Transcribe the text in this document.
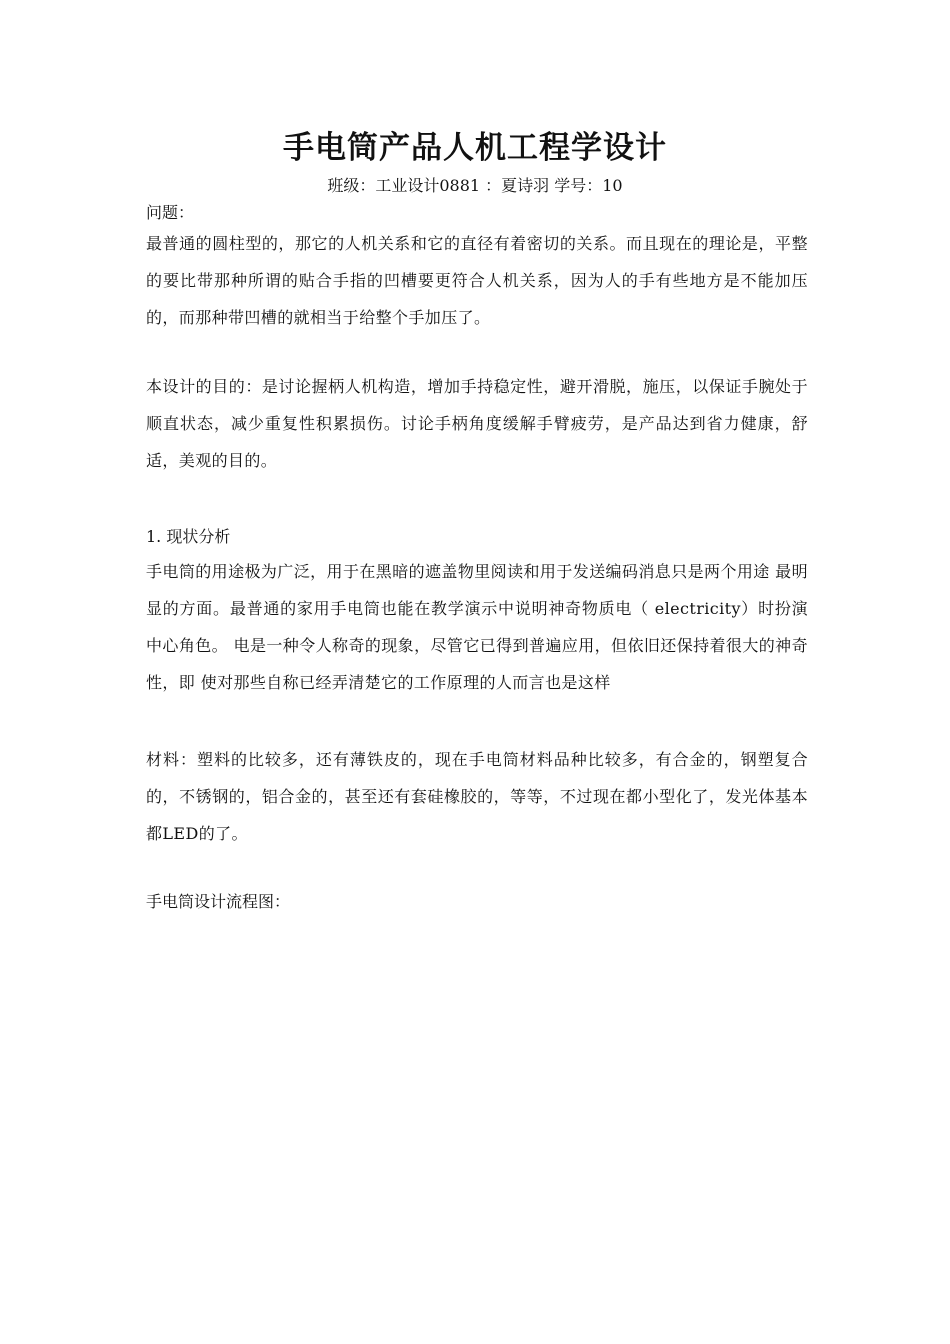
手电筒产品人机工程学设计
班级：工业设计0881 ：夏诗羽 学号：10

问题：

最普通的圆柱型的，那它的人机关系和它的直径有着密切的关系。而且现在的理论是，平整的要比带那种所谓的贴合手指的凹槽要更符合人机关系，因为人的手有些地方是不能加压的，而那种带凹槽的就相当于给整个手加压了。

本设计的目的：是讨论握柄人机构造，增加手持稳定性，避开滑脱，施压，以保证手腕处于顺直状态，减少重复性积累损伤。讨论手柄角度缓解手臂疲劳，是产品达到省力健康，舒适，美观的目的。

1. 现状分析

手电筒的用途极为广泛，用于在黑暗的遮盖物里阅读和用于发送编码消息只是两个用途 最明显的方面。最普通的家用手电筒也能在教学演示中说明神奇物质电（ electricity）时扮演 中心角色。 电是一种令人称奇的现象，尽管它已得到普遍应用，但依旧还保持着很大的神奇性，即 使对那些自称已经弄清楚它的工作原理的人而言也是这样

材料：塑料的比较多，还有薄铁皮的，现在手电筒材料品种比较多，有合金的，钢塑复合的，不锈钢的，铝合金的，甚至还有套硅橡胶的，等等，不过现在都小型化了，发光体基本都LED的了。

手电筒设计流程图：
